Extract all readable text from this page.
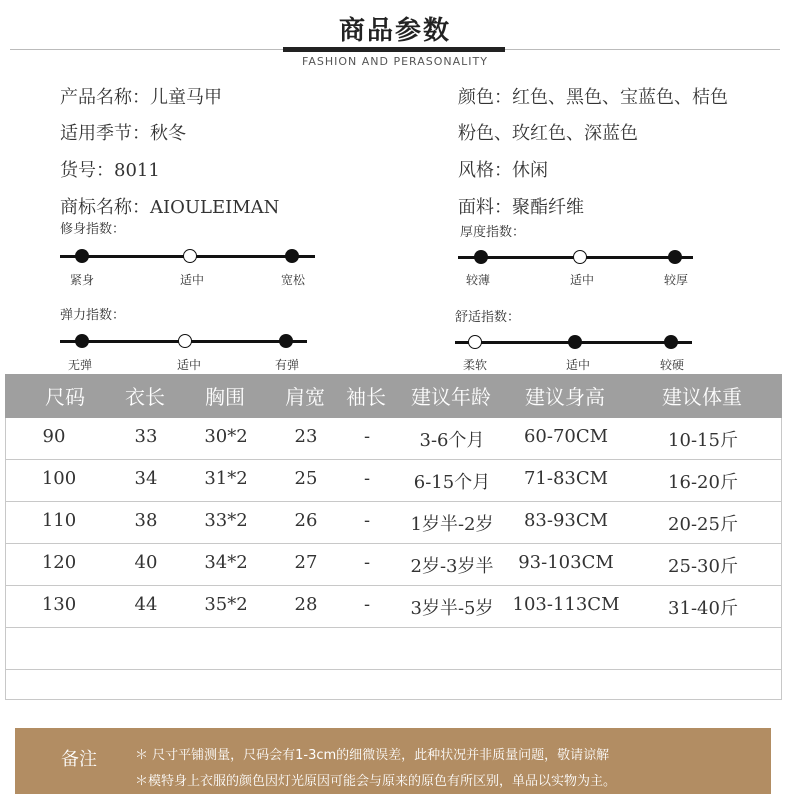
商品参数
FASHION AND PERASONALITY
产品名称：儿童马甲
适用季节：秋冬
货号：8011
商标名称：AIOULEIMAN
颜色：红色、黑色、宝蓝色、桔色
粉色、玫红色、深蓝色
风格：休闲
面料：聚酯纤维
修身指数：
紧身	适中	宽松
厚度指数：
较薄	适中	较厚
弹力指数：
无弹	适中	有弹
舒适指数：
柔软	适中	较硬
尺码 衣长 胸围 肩宽 袖长 建议年龄 建议身高	建议体重
90	33	30*2	23	-	3-6个月 60-70CM	10-15斤
100	34	31*2	25	- 6-15个月 71-83CM	16-20斤
110	38	33*2	26	- 1岁半-2岁 83-93CM	20-25斤
120	40	34*2	27	- 2岁-3岁半 93-103CM	25-30斤
130	44	35*2	28	- 3岁半-5岁 103-113CM	31-40斤
备注	＊ 尺寸平铺测量，尺码会有1-3cm的细微误差，此种状况并非质量问题，敬请谅解
＊模特身上衣服的颜色因灯光原因可能会与原来的原色有所区别，单品以实物为主。
